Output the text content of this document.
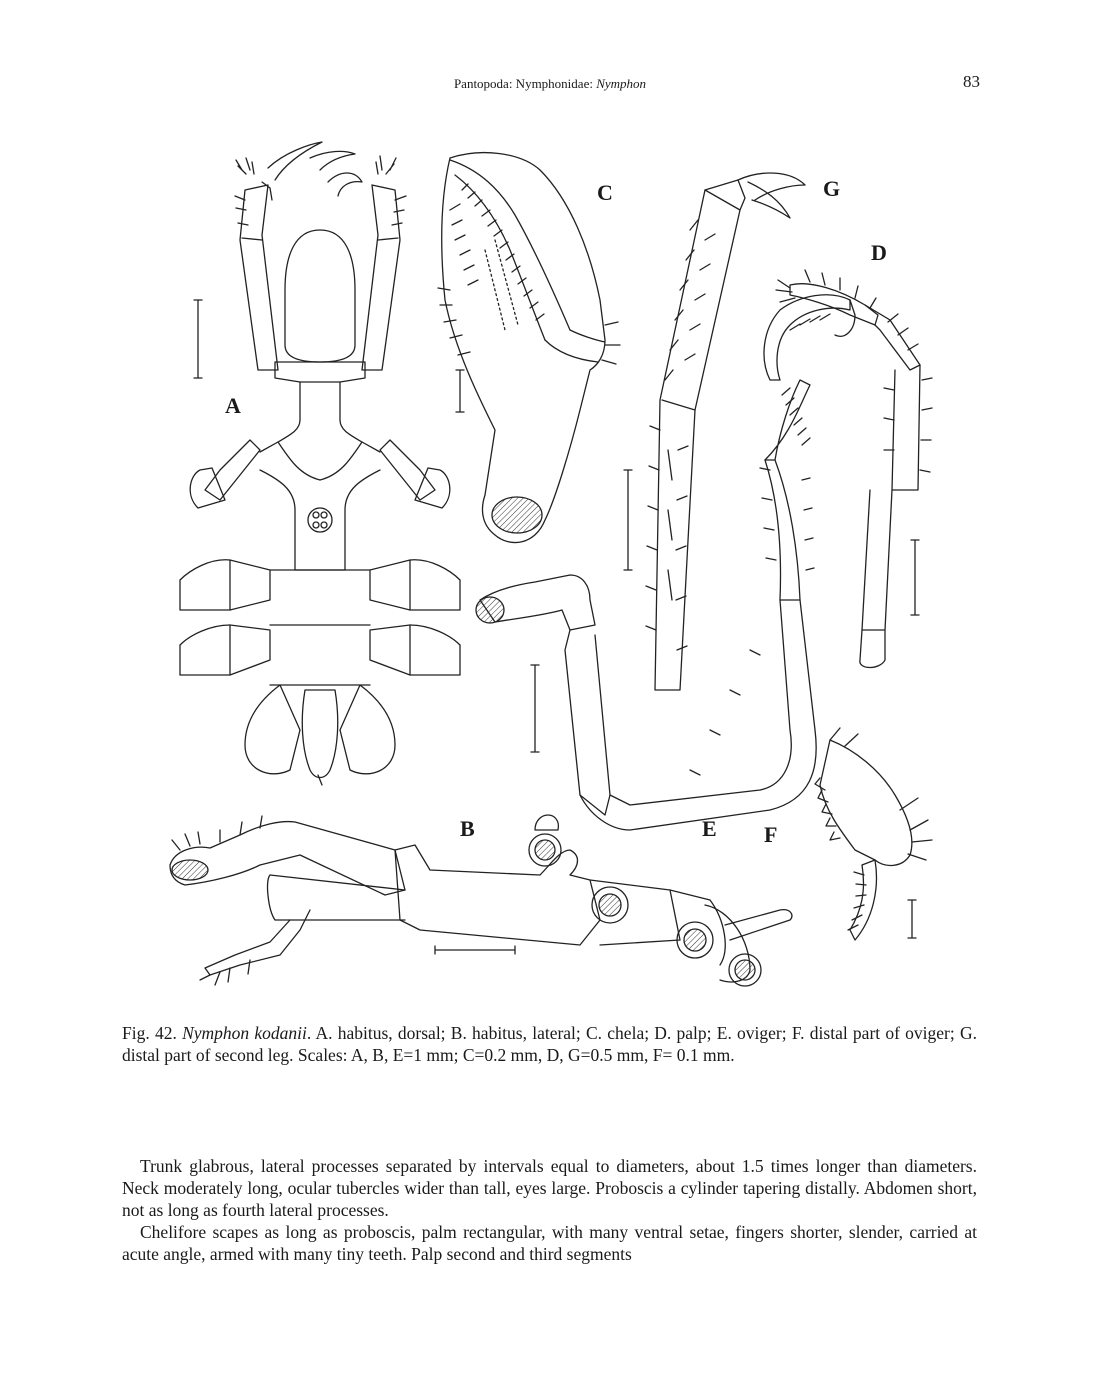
Pantopoda: Nymphonidae: Nymphon	83
A
B
C
D
E F
G
Fig. 42. Nymphon kodanii. A. habitus, dorsal; B. habitus, lateral; C. chela; D. palp; E. oviger; F. distal part of oviger; G. distal part of second leg. Scales: A, B, E=1 mm; C=0.2 mm, D, G=0.5 mm, F= 0.1 mm.

Trunk glabrous, lateral processes separated by intervals equal to diameters, about 1.5 times longer than diameters. Neck moderately long, ocular tubercles wider than tall, eyes large. Proboscis a cylinder tapering distally. Abdomen short, not as long as fourth lateral processes.

Chelifore scapes as long as proboscis, palm rectangular, with many ventral setae, fingers shorter, slender, carried at acute angle, armed with many tiny teeth. Palp second and third segments
